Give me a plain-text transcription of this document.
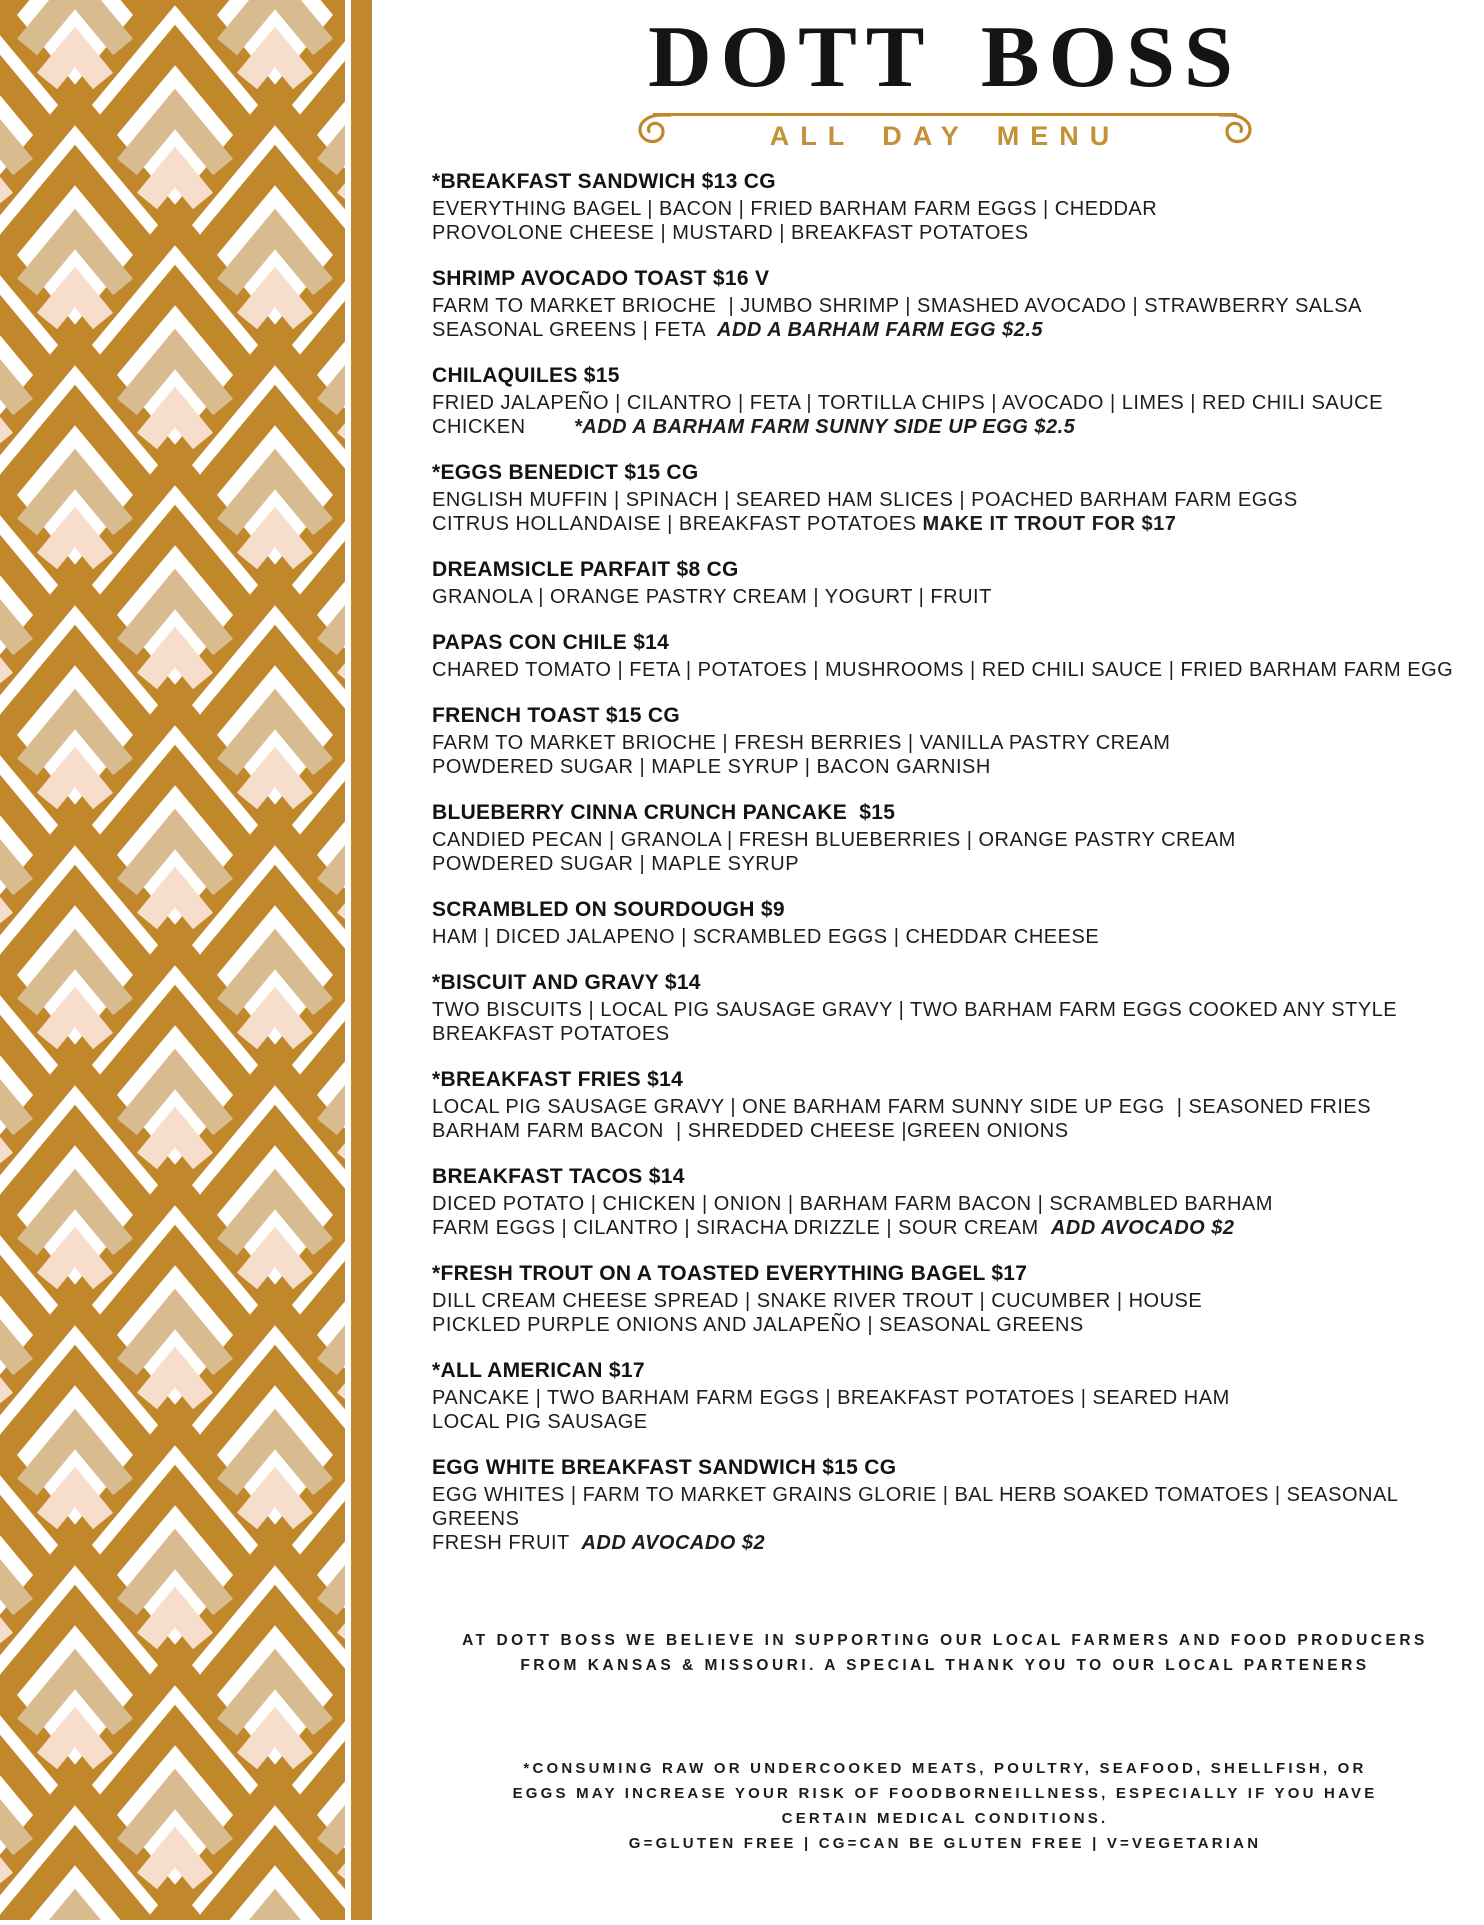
DOTT BOSS
ALL DAY MENU
*BREAKFAST SANDWICH $13 CG
EVERYTHING BAGEL | BACON | FRIED BARHAM FARM EGGS | CHEDDAR
PROVOLONE CHEESE | MUSTARD | BREAKFAST POTATOES
SHRIMP AVOCADO TOAST $16 V
FARM TO MARKET BRIOCHE  | JUMBO SHRIMP | SMASHED AVOCADO | STRAWBERRY SALSA
SEASONAL GREENS | FETA  ADD A BARHAM FARM EGG $2.5
CHILAQUILES $15
FRIED JALAPEÑO | CILANTRO | FETA | TORTILLA CHIPS | AVOCADO | LIMES | RED CHILI SAUCE
CHICKEN        *ADD A BARHAM FARM SUNNY SIDE UP EGG $2.5
*EGGS BENEDICT $15 CG
ENGLISH MUFFIN | SPINACH | SEARED HAM SLICES | POACHED BARHAM FARM EGGS
CITRUS HOLLANDAISE | BREAKFAST POTATOES MAKE IT TROUT FOR $17
DREAMSICLE PARFAIT $8 CG
GRANOLA | ORANGE PASTRY CREAM | YOGURT | FRUIT
PAPAS CON CHILE $14
CHARED TOMATO | FETA | POTATOES | MUSHROOMS | RED CHILI SAUCE | FRIED BARHAM FARM EGG
FRENCH TOAST $15 CG
FARM TO MARKET BRIOCHE | FRESH BERRIES | VANILLA PASTRY CREAM
POWDERED SUGAR | MAPLE SYRUP | BACON GARNISH
BLUEBERRY CINNA CRUNCH PANCAKE  $15
CANDIED PECAN | GRANOLA | FRESH BLUEBERRIES | ORANGE PASTRY CREAM
POWDERED SUGAR | MAPLE SYRUP
SCRAMBLED ON SOURDOUGH $9
HAM | DICED JALAPENO | SCRAMBLED EGGS | CHEDDAR CHEESE
*BISCUIT AND GRAVY $14
TWO BISCUITS | LOCAL PIG SAUSAGE GRAVY | TWO BARHAM FARM EGGS COOKED ANY STYLE
BREAKFAST POTATOES
*BREAKFAST FRIES $14
LOCAL PIG SAUSAGE GRAVY | ONE BARHAM FARM SUNNY SIDE UP EGG  | SEASONED FRIES
BARHAM FARM BACON  | SHREDDED CHEESE |GREEN ONIONS
BREAKFAST TACOS $14
DICED POTATO | CHICKEN | ONION | BARHAM FARM BACON | SCRAMBLED BARHAM
FARM EGGS | CILANTRO | SIRACHA DRIZZLE | SOUR CREAM  ADD AVOCADO $2
*FRESH TROUT ON A TOASTED EVERYTHING BAGEL $17
DILL CREAM CHEESE SPREAD | SNAKE RIVER TROUT | CUCUMBER | HOUSE
PICKLED PURPLE ONIONS AND JALAPEÑO | SEASONAL GREENS
*ALL AMERICAN $17
PANCAKE | TWO BARHAM FARM EGGS | BREAKFAST POTATOES | SEARED HAM
LOCAL PIG SAUSAGE
EGG WHITE BREAKFAST SANDWICH $15 CG
EGG WHITES | FARM TO MARKET GRAINS GLORIE | BAL HERB SOAKED TOMATOES | SEASONAL GREENS
FRESH FRUIT  ADD AVOCADO $2

AT DOTT BOSS WE BELIEVE IN SUPPORTING OUR LOCAL FARMERS AND FOOD PRODUCERS

FROM KANSAS & MISSOURI. A SPECIAL THANK YOU TO OUR LOCAL PARTENERS

*CONSUMING RAW OR UNDERCOOKED MEATS, POULTRY, SEAFOOD, SHELLFISH, OR

EGGS MAY INCREASE YOUR RISK OF FOODBORNEILLNESS, ESPECIALLY IF YOU HAVE

CERTAIN MEDICAL CONDITIONS.

G=GLUTEN FREE | CG=CAN BE GLUTEN FREE | V=VEGETARIAN
